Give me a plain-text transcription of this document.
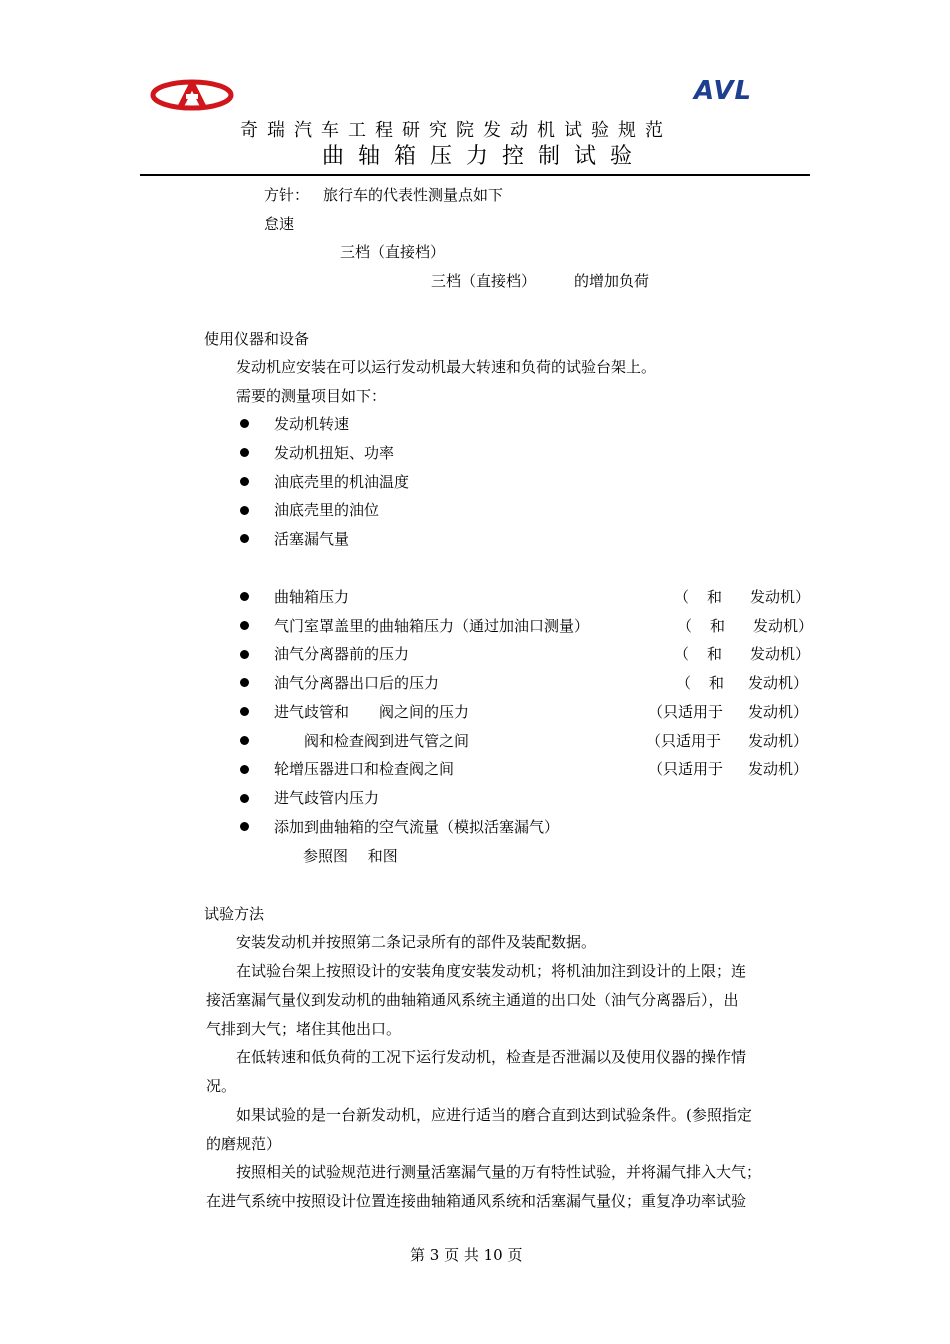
AVL
奇瑞汽车工程研究院发动机试验规范
曲轴箱压力控制试验
方针： 旅行车的代表性测量点如下
怠速
三档（直接档）
三档（直接档）	的增加负荷
使用仪器和设备
发动机应安装在可以运行发动机最大转速和负荷的试验台架上。
需要的测量项目如下：
发动机转速
发动机扭矩、功率
油底壳里的机油温度
油底壳里的油位
活塞漏气量
曲轴箱压力	（ 和 发动机）
气门室罩盖里的曲轴箱压力（通过加油口测量）	（ 和 发动机）
油气分离器前的压力	（ 和 发动机）
油气分离器出口后的压力	（ 和 发动机）
进气歧管和　　阀之间的压力	（只适用于 发动机）
　　阀和检查阀到进气管之间	（只适用于 发动机）
轮增压器进口和检查阀之间	（只适用于 发动机）
进气歧管内压力
添加到曲轴箱的空气流量（模拟活塞漏气）
参照图　 和图
试验方法
安装发动机并按照第二条记录所有的部件及装配数据。
在试验台架上按照设计的安装角度安装发动机；将机油加注到设计的上限；连
接活塞漏气量仪到发动机的曲轴箱通风系统主通道的出口处（油气分离器后），出
气排到大气；堵住其他出口。
在低转速和低负荷的工况下运行发动机，检查是否泄漏以及使用仪器的操作情
况。
如果试验的是一台新发动机，应进行适当的磨合直到达到试验条件。(参照指定
的磨规范）
按照相关的试验规范进行测量活塞漏气量的万有特性试验，并将漏气排入大气；
在进气系统中按照设计位置连接曲轴箱通风系统和活塞漏气量仪；重复净功率试验
第 3 页 共 10 页
